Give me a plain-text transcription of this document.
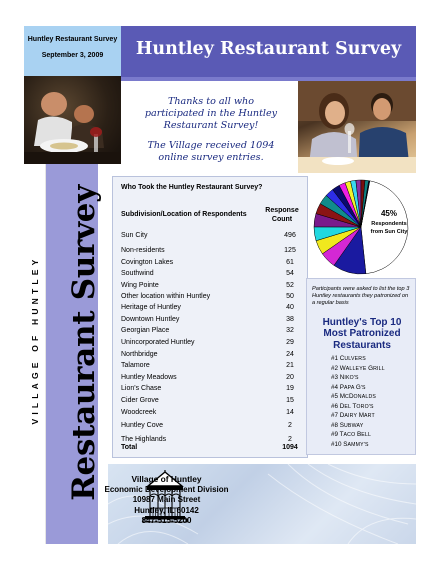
Huntley Restaurant Survey
September 3, 2009
VILLAGE OF HUNTLEY Restaurant Survey
Huntley Restaurant Survey
Thanks to all who
participated in the Huntley
Restaurant Survey!
The Village received 1094
online survey entries.
Who Took the Huntley Restaurant Survey?
Subdivision/Location of Respondents
Response
Count
Sun City	496
Non-residents	125
Covington Lakes	61
Southwind	54
Wing Pointe	52
Other location within Huntley	50
Heritage of Huntley	40
Downtown Huntley	38
Georgian Place	32
Unincorporated Huntley	29
Northbridge	24
Talamore	21
Huntley Meadows	20
Lion's Chase	19
Cider Grove	15
Woodcreek	14
Huntley Cove	2
The Highlands	2
Total	1094
45%
Respondents
from Sun City
Participants were asked to list the top 3 Huntley restaurants they patronized on a regular basis
Huntley's Top 10
Most Patronized
Restaurants
#1 CULVERS
#2 WALLEYE GRILL
#3 NIKO'S
#4 PAPA G'S
#5 MCDONALDS
#6 DEL TORO'S
#7 DAIRY MART
#8 SUBWAY
#9 TACO BELL
#10 SAMMY'S
Village of Huntley
Economic Development Division
10987 Main Street
Huntley, IL 60142
847-515-5200
